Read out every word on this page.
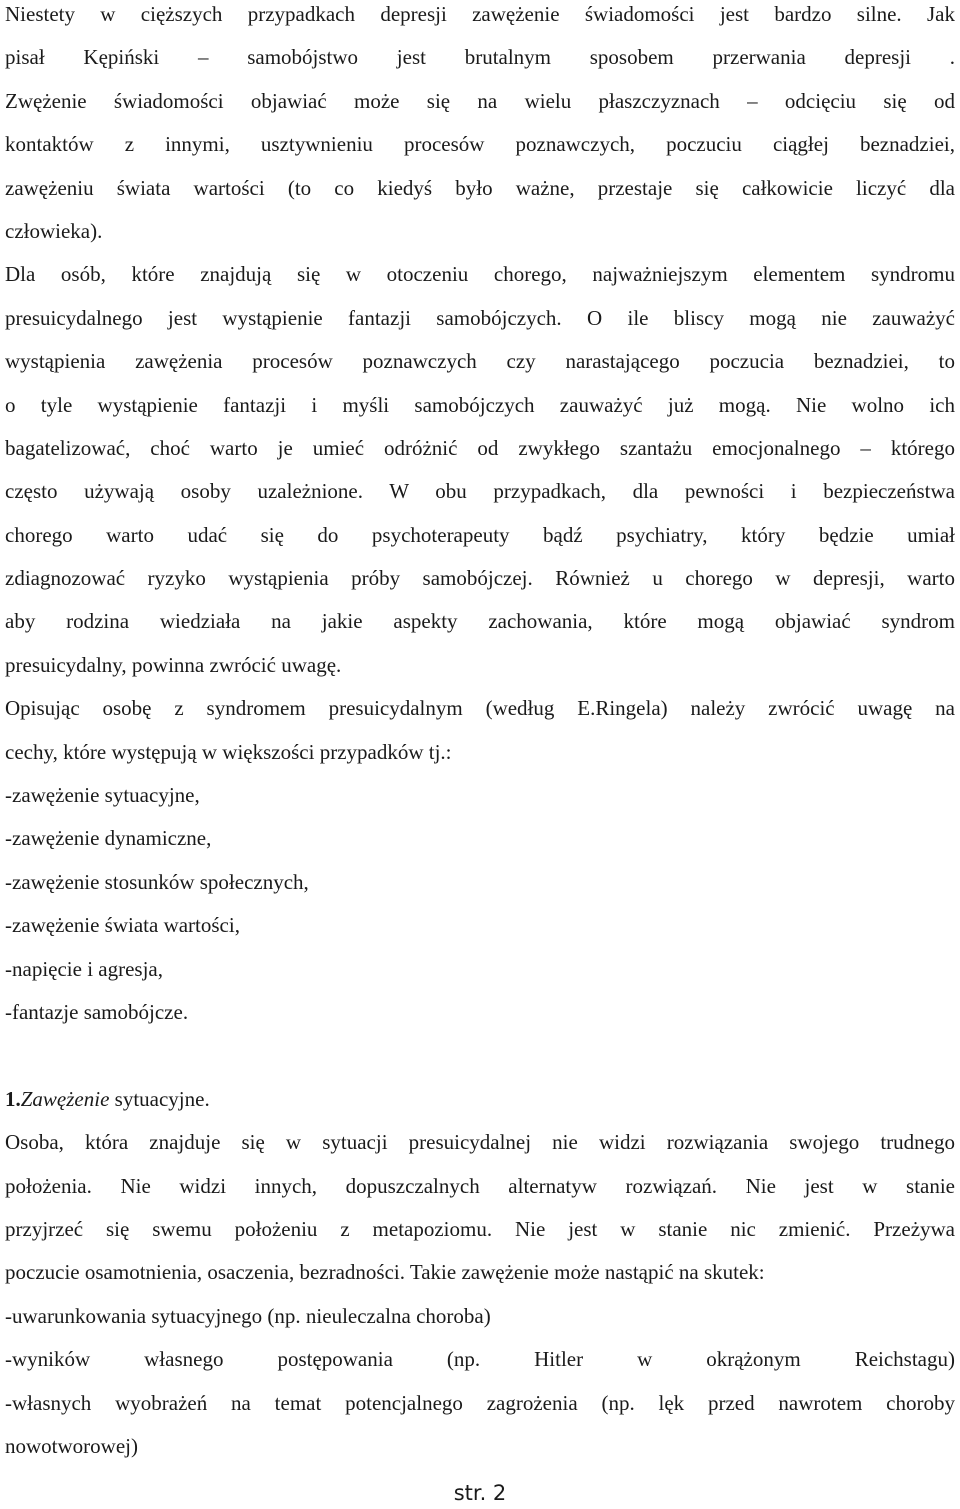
Niestety w cięższych przypadkach depresji zawężenie świadomości jest bardzo silne. Jak
pisał Kępiński – samobójstwo jest brutalnym sposobem przerwania depresji .
Zwężenie świadomości objawiać może się na wielu płaszczyznach – odcięciu się od
kontaktów z innymi, usztywnieniu procesów poznawczych, poczuciu ciągłej beznadziei,
zawężeniu świata wartości (to co kiedyś było ważne, przestaje się całkowicie liczyć dla
człowieka).
Dla osób, które znajdują się w otoczeniu chorego, najważniejszym elementem syndromu
presuicydalnego jest wystąpienie fantazji samobójczych. O ile bliscy mogą nie zauważyć
wystąpienia zawężenia procesów poznawczych czy narastającego poczucia beznadziei, to
o tyle wystąpienie fantazji i myśli samobójczych zauważyć już mogą. Nie wolno ich
bagatelizować, choć warto je umieć odróżnić od zwykłego szantażu emocjonalnego – którego
często używają osoby uzależnione. W obu przypadkach, dla pewności i bezpieczeństwa
chorego warto udać się do psychoterapeuty bądź psychiatry, który będzie umiał
zdiagnozować ryzyko wystąpienia próby samobójczej. Również u chorego w depresji, warto
aby rodzina wiedziała na jakie aspekty zachowania, które mogą objawiać syndrom
presuicydalny, powinna zwrócić uwagę.
Opisując osobę z syndromem presuicydalnym (według E.Ringela) należy zwrócić uwagę na
cechy, które występują w większości przypadków tj.:
-zawężenie sytuacyjne,
-zawężenie dynamiczne,
-zawężenie stosunków społecznych,
-zawężenie świata wartości,
-napięcie i agresja,
-fantazje samobójcze.
1.Zawężenie sytuacyjne.
Osoba, która znajduje się w sytuacji presuicydalnej nie widzi rozwiązania swojego trudnego
położenia. Nie widzi innych, dopuszczalnych alternatyw rozwiązań. Nie jest w stanie
przyjrzeć się swemu położeniu z metapoziomu. Nie jest w stanie nic zmienić. Przeżywa
poczucie osamotnienia, osaczenia, bezradności. Takie zawężenie może nastąpić na skutek:
-uwarunkowania sytuacyjnego (np. nieuleczalna choroba)
-wyników własnego postępowania (np. Hitler w okrążonym Reichstagu)
-własnych wyobrażeń na temat potencjalnego zagrożenia (np. lęk przed nawrotem choroby
nowotworowej)
str. 2
